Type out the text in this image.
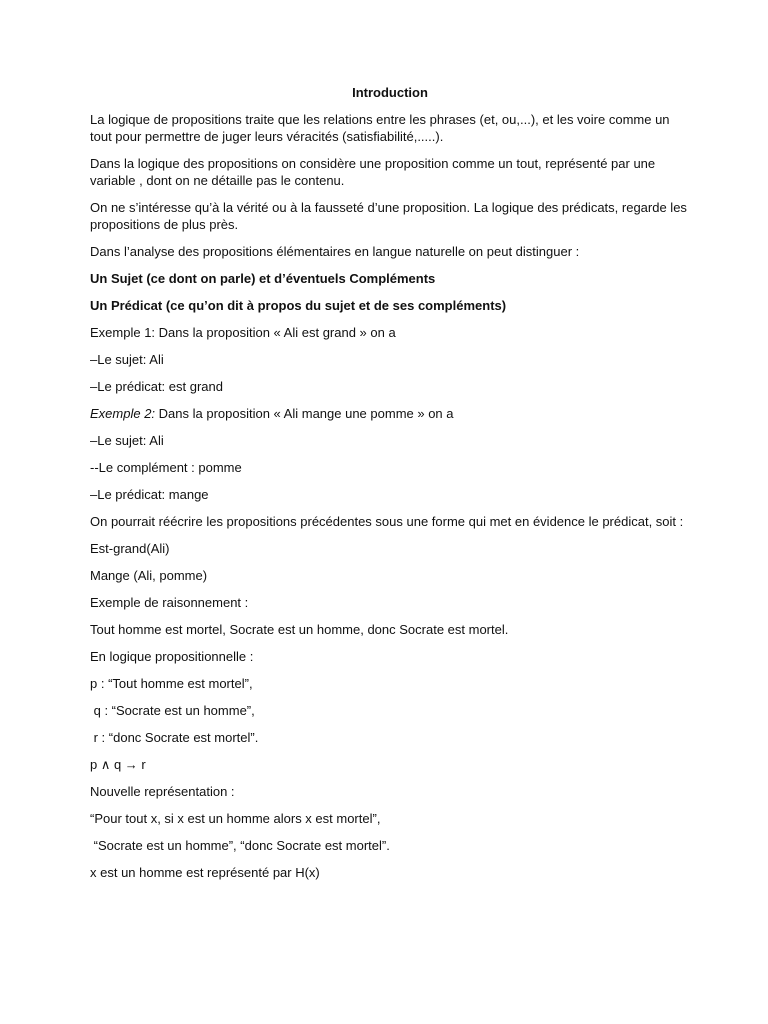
Introduction
La logique de propositions traite que les relations entre les phrases (et, ou,...), et les voire comme un tout pour permettre de juger leurs véracités (satisfiabilité,.....).
Dans la logique des propositions on considère une proposition comme un tout, représenté par une variable , dont on ne détaille pas le contenu.
On ne s’intéresse qu’à la vérité ou à la fausseté d’une proposition. La logique des prédicats, regarde les propositions de plus près.
Dans l’analyse des propositions élémentaires en langue naturelle on peut distinguer :
Un Sujet (ce dont on parle) et d’éventuels Compléments
Un Prédicat (ce qu’on dit à propos du sujet et de ses compléments)
Exemple 1: Dans la proposition « Ali est grand » on a
–Le sujet: Ali
–Le prédicat: est grand
Exemple 2: Dans la proposition « Ali mange une pomme » on a
–Le sujet: Ali
--Le complément : pomme
–Le prédicat: mange
On pourrait réécrire les propositions précédentes sous une forme qui met en évidence le prédicat, soit :
Est-grand(Ali)
Mange (Ali, pomme)
Exemple de raisonnement :
Tout homme est mortel, Socrate est un homme, donc Socrate est mortel.
En logique propositionnelle :
p : “Tout homme est mortel”,
q : “Socrate est un homme”,
r : “donc Socrate est mortel”.
p ∧ q → r
Nouvelle représentation :
“Pour tout x, si x est un homme alors x est mortel”,
“Socrate est un homme”, “donc Socrate est mortel”.
x est un homme est représenté par H(x)
